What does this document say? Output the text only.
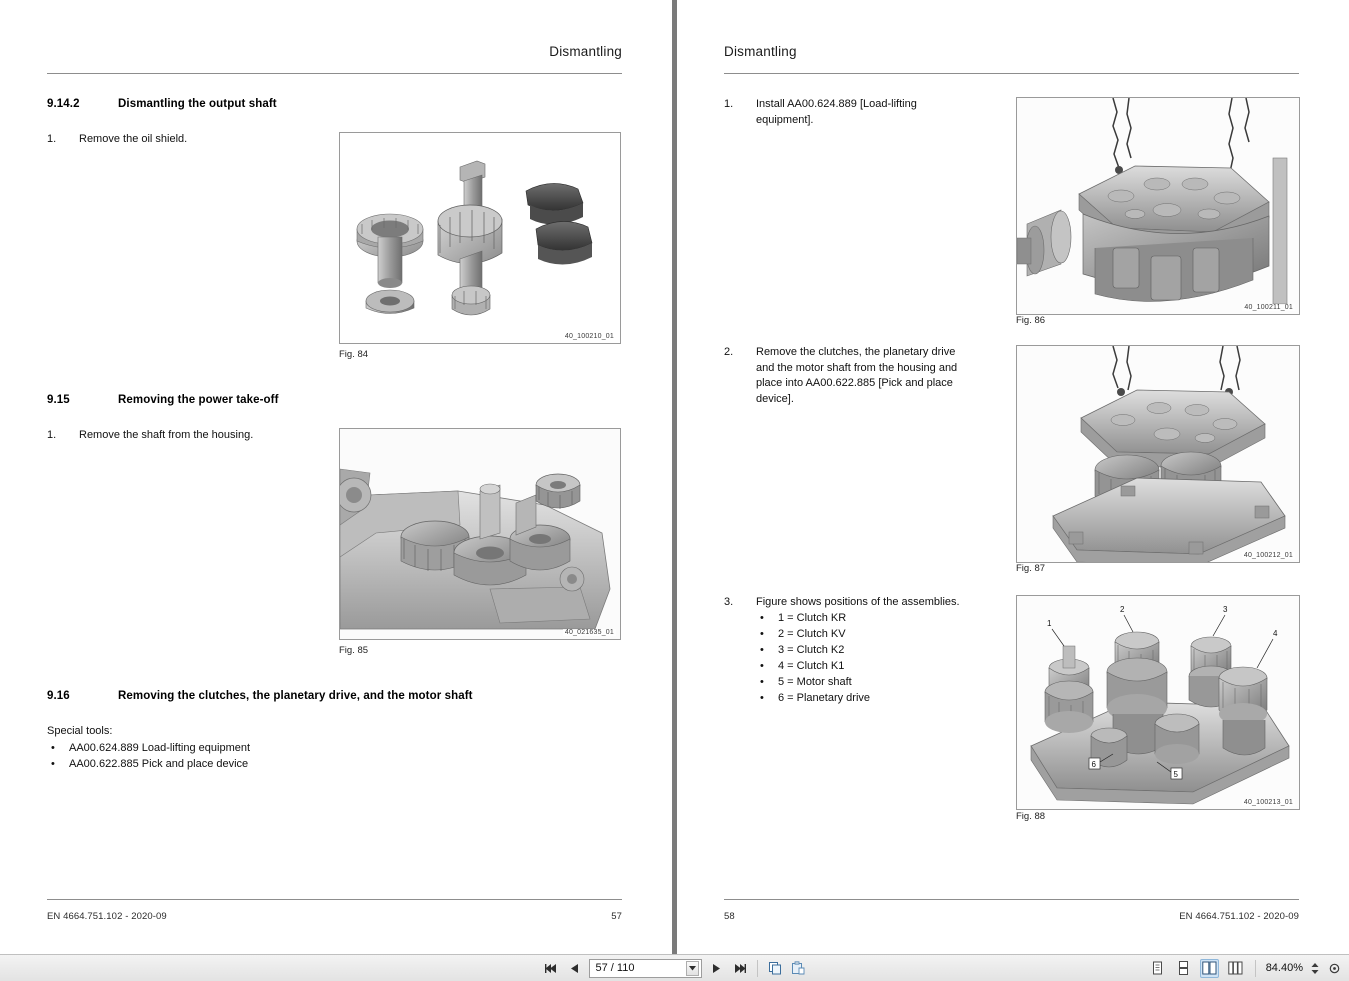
Dismantling
9.14.2	Dismantling the output shaft
1. Remove the oil shield.
40_100210_01
Fig. 84
9.15	Removing the power take-off
1. Remove the shaft from the housing.
40_021635_01
Fig. 85
9.16	Removing the clutches, the planetary drive, and the motor shaft
Special tools:
• AA00.624.889 Load-lifting equipment
• AA00.622.885 Pick and place device
EN 4664.751.102 - 2020-09	57
Dismantling
1. Install AA00.624.889 [Load-lifting equipment].
40_100211_01
Fig. 86
2. Remove the clutches, the planetary drive and the motor shaft from the housing and place into AA00.622.885 [Pick and place device].
40_100212_01
Fig. 87
3. Figure shows positions of the assemblies.
• 1 = Clutch KR
• 2 = Clutch KV
• 3 = Clutch K2
• 4 = Clutch K1
• 5 = Motor shaft
• 6 = Planetary drive
1
2	3
4
5
6
40_100213_01
Fig. 88
58	EN 4664.751.102 - 2020-09
57 / 110	84.40%
